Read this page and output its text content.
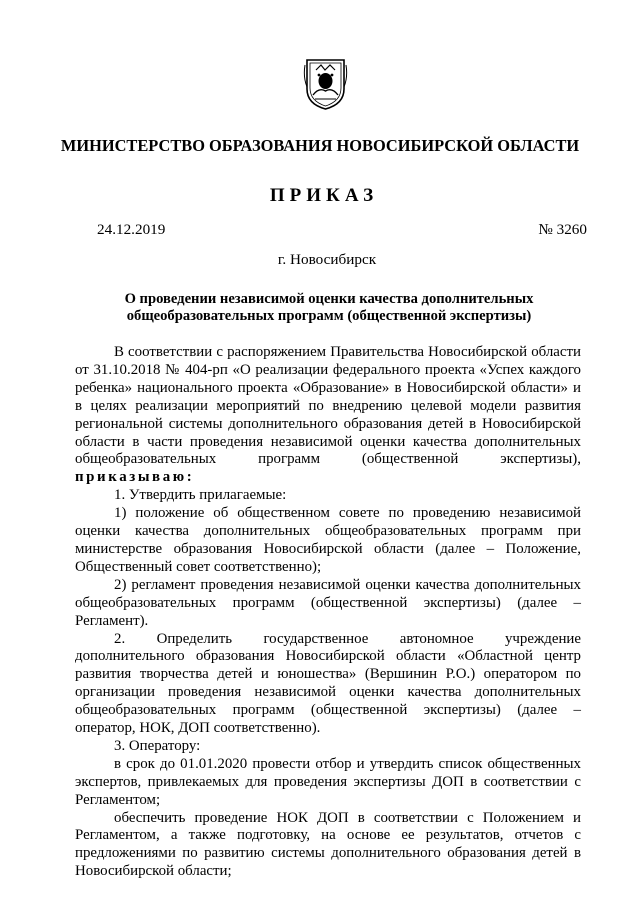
МИНИСТЕРСТВО ОБРАЗОВАНИЯ НОВОСИБИРСКОЙ ОБЛАСТИ
ПРИКАЗ
24.12.2019	№ 3260
г. Новосибирск
О проведении независимой оценки качества дополнительных
общеобразовательных программ (общественной экспертизы)

В соответствии с распоряжением Правительства Новосибирской области от 31.10.2018 № 404-рп «О реализации федерального проекта «Успех каждого ребенка» национального проекта «Образование» в Новосибирской области» и в целях реализации мероприятий по внедрению целевой модели развития региональной системы дополнительного образования детей в Новосибирской области в части проведения независимой оценки качества дополнительных общеобразовательных программ (общественной экспертизы), приказываю:

1. Утвердить прилагаемые:

1) положение об общественном совете по проведению независимой оценки качества дополнительных общеобразовательных программ при министерстве образования Новосибирской области (далее – Положение, Общественный совет соответственно);

2) регламент проведения независимой оценки качества дополнительных общеобразовательных программ (общественной экспертизы) (далее – Регламент).

2. Определить государственное автономное учреждение дополнительного образования Новосибирской области «Областной центр развития творчества детей и юношества» (Вершинин Р.О.) оператором по организации проведения независимой оценки качества дополнительных общеобразовательных программ (общественной экспертизы) (далее – оператор, НОК, ДОП соответственно).

3. Оператору:

в срок до 01.01.2020 провести отбор и утвердить список общественных экспертов, привлекаемых для проведения экспертизы ДОП в соответствии с Регламентом;

обеспечить проведение НОК ДОП в соответствии с Положением и Регламентом, а также подготовку, на основе ее результатов, отчетов с предложениями по развитию системы дополнительного образования детей в Новосибирской области;
